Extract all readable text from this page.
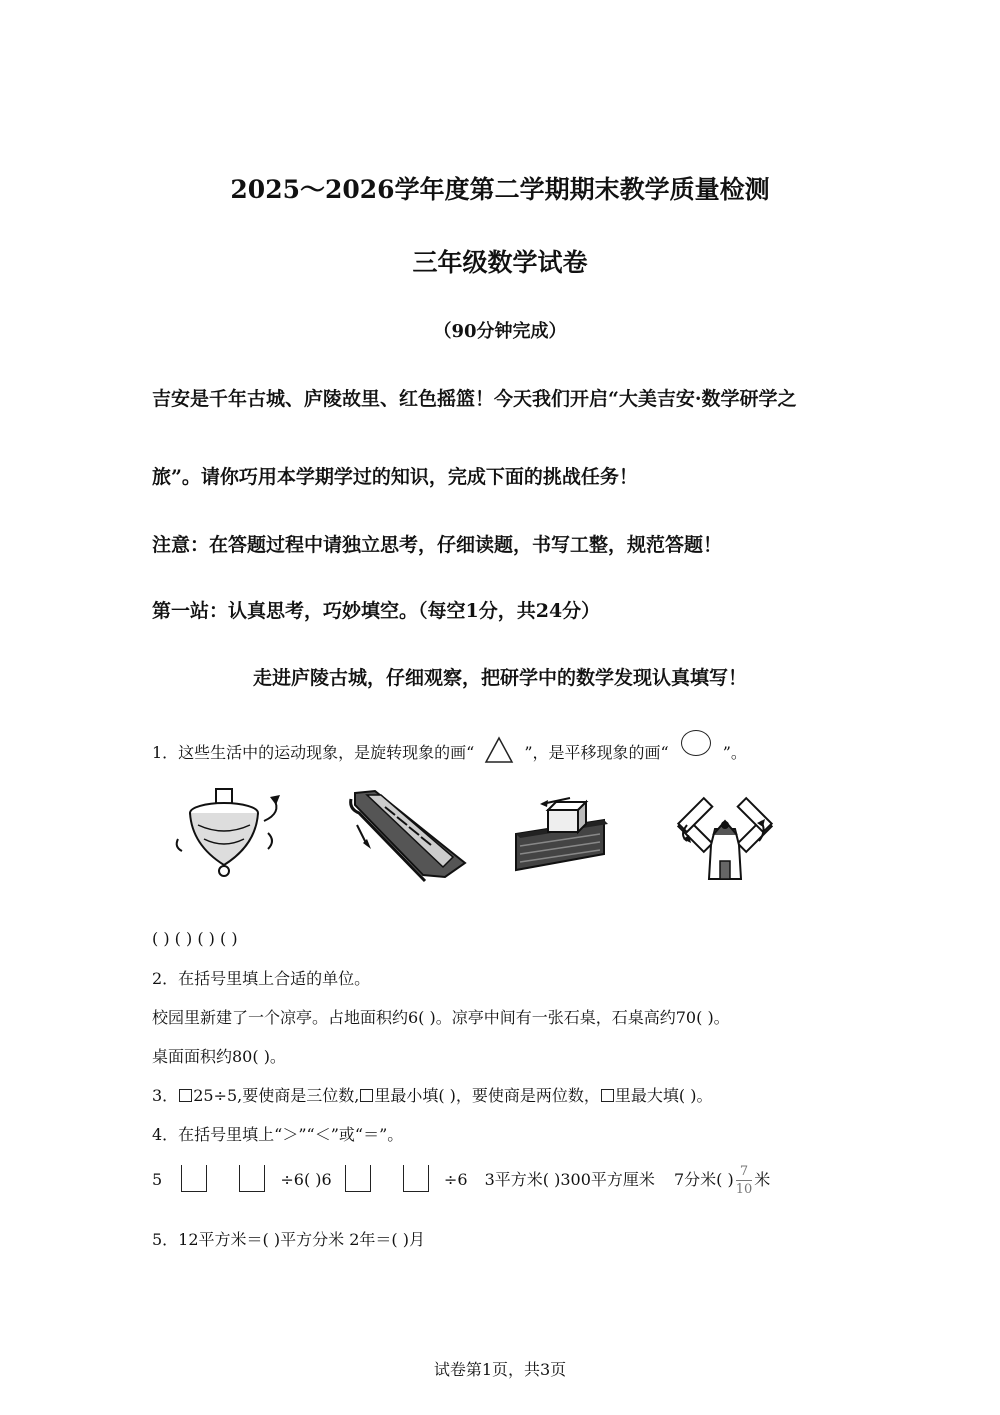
2025～2026学年度第二学期期末教学质量检测
三年级数学试卷
（90分钟完成）
吉安是千年古城、庐陵故里、红色摇篮！今天我们开启“大美吉安·数学研学之
旅”。请你巧用本学期学过的知识，完成下面的挑战任务！
注意：在答题过程中请独立思考，仔细读题，书写工整，规范答题！
第一站：认真思考，巧妙填空。（每空1分，共24分）
走进庐陵古城，仔细观察，把研学中的数学发现认真填写！
1．这些生活中的运动现象，是旋转现象的画“	”，是平移现象的画“	”。
( ) ( ) ( ) ( )
2．在括号里填上合适的单位。
校园里新建了一个凉亭。占地面积约6( )。凉亭中间有一张石桌，石桌高约70( )。
桌面面积约80( )。
3． 25÷5,要使商是三位数, 里最小填( )，要使商是两位数， 里最大填( )。
4．在括号里填上“＞”“＜”或“＝”。
5	÷6( )6	÷6 3平方米( )300平方厘米 7分米( ) $\frac{7}{10}$ 米
5．12平方米＝( )平方分米 2年＝( )月
试卷第1页，共3页
